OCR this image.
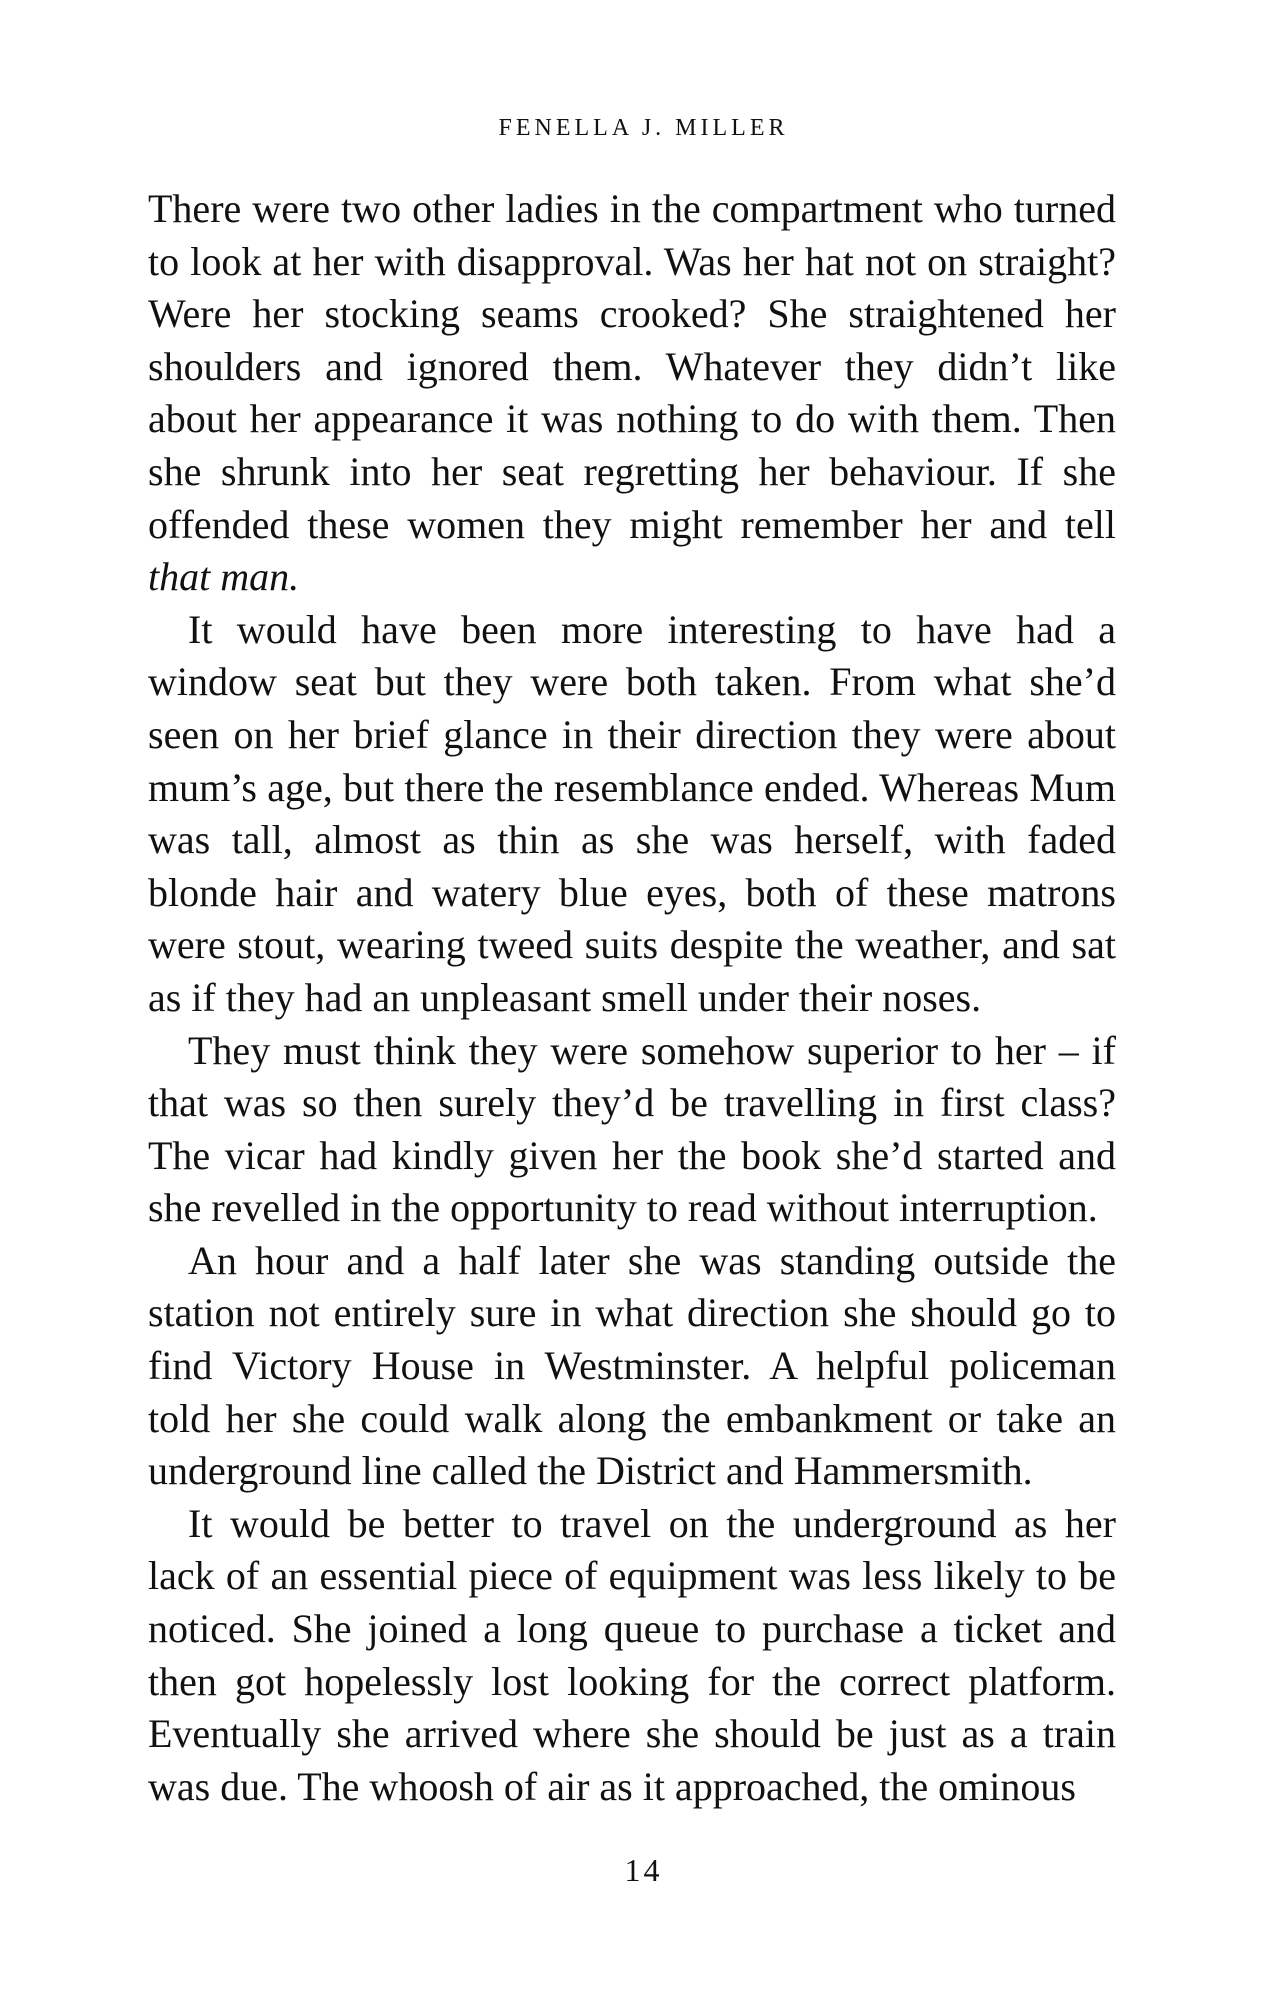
FENELLA J. MILLER

There were two other ladies in the compartment who turned to look at her with disapproval. Was her hat not on straight? Were her stocking seams crooked? She straightened her shoulders and ignored them. Whatever they didn’t like about her appearance it was nothing to do with them. Then she shrunk into her seat regretting her behaviour. If she offended these women they might remember her and tell that man.

It would have been more interesting to have had a window seat but they were both taken. From what she’d seen on her brief glance in their direction they were about mum’s age, but there the resemblance ended. Whereas Mum was tall, almost as thin as she was herself, with faded blonde hair and watery blue eyes, both of these matrons were stout, wearing tweed suits despite the weather, and sat as if they had an unpleasant smell under their noses.

They must think they were somehow superior to her – if that was so then surely they’d be travelling in first class? The vicar had kindly given her the book she’d started and she revelled in the opportunity to read without interruption.

An hour and a half later she was standing outside the station not entirely sure in what direction she should go to find Victory House in Westminster. A helpful policeman told her she could walk along the embankment or take an underground line called the District and Hammersmith.

It would be better to travel on the underground as her lack of an essential piece of equipment was less likely to be noticed. She joined a long queue to purchase a ticket and then got hopelessly lost looking for the correct platform. Eventually she arrived where she should be just as a train was due. The whoosh of air as it approached, the ominous

14
